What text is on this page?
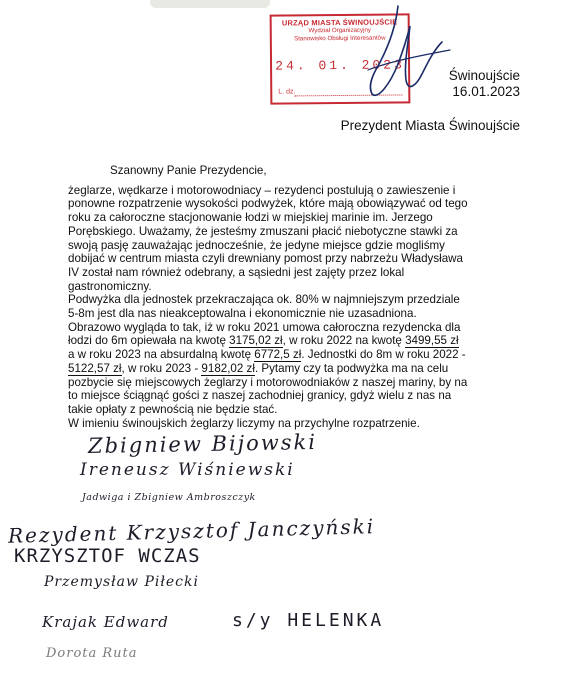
URZĄD MIASTA ŚWINOUJŚCIE
Wydział Organizacyjny
Stanowisko Obsługi Interesantów
24. 01. 2023
L. dz.
Świnoujście
16.01.2023
Prezydent Miasta Świnoujście

Szanowny Panie Prezydencie,

żeglarze, wędkarze i motorowodniacy – rezydenci postulują o zawieszenie i ponowne rozpatrzenie wysokości podwyżek, które mają obowiązywać od tego roku za całoroczne stacjonowanie łodzi w miejskiej marinie im. Jerzego Porębskiego. Uważamy, że jesteśmy zmuszani płacić niebotyczne stawki za swoją pasję zauważając jednocześnie, że jedyne miejsce gdzie mogliśmy dobijać w centrum miasta czyli drewniany pomost przy nabrzeżu Władysława IV został nam również odebrany, a sąsiedni jest zajęty przez lokal gastronomiczny.

Podwyżka dla jednostek przekraczająca ok. 80% w najmniejszym przedziale 5-8m jest dla nas nieakceptowalna i ekonomicznie nie uzasadniona. Obrazowo wygląda to tak, iż w roku 2021 umowa całoroczna rezydencka dla łodzi do 6m opiewała na kwotę 3175,02 zł, w roku 2022 na kwotę 3499,55 zł a w roku 2023 na absurdalną kwotę 6772,5 zł. Jednostki do 8m w roku 2022 - 5122,57 zł, w roku 2023 - 9182,02 zł. Pytamy czy ta podwyżka ma na celu pozbycie się miejscowych żeglarzy i motorowodniaków z naszej mariny, by na to miejsce ściągnąć gości z naszej zachodniej granicy, gdyż wielu z nas na takie opłaty z pewnością nie będzie stać.

W imieniu świnoujskich żeglarzy liczymy na przychylne rozpatrzenie.

Zbigniew Bijowski
Ireneusz Wiśniewski
Jadwiga i Zbigniew Ambroszczyk
Rezydent Krzysztof Janczyński
KRZYSZTOF WCZAS
Przemysław Piłecki
Krajak Edward	s/y HELENKA
Dorota Ruta
